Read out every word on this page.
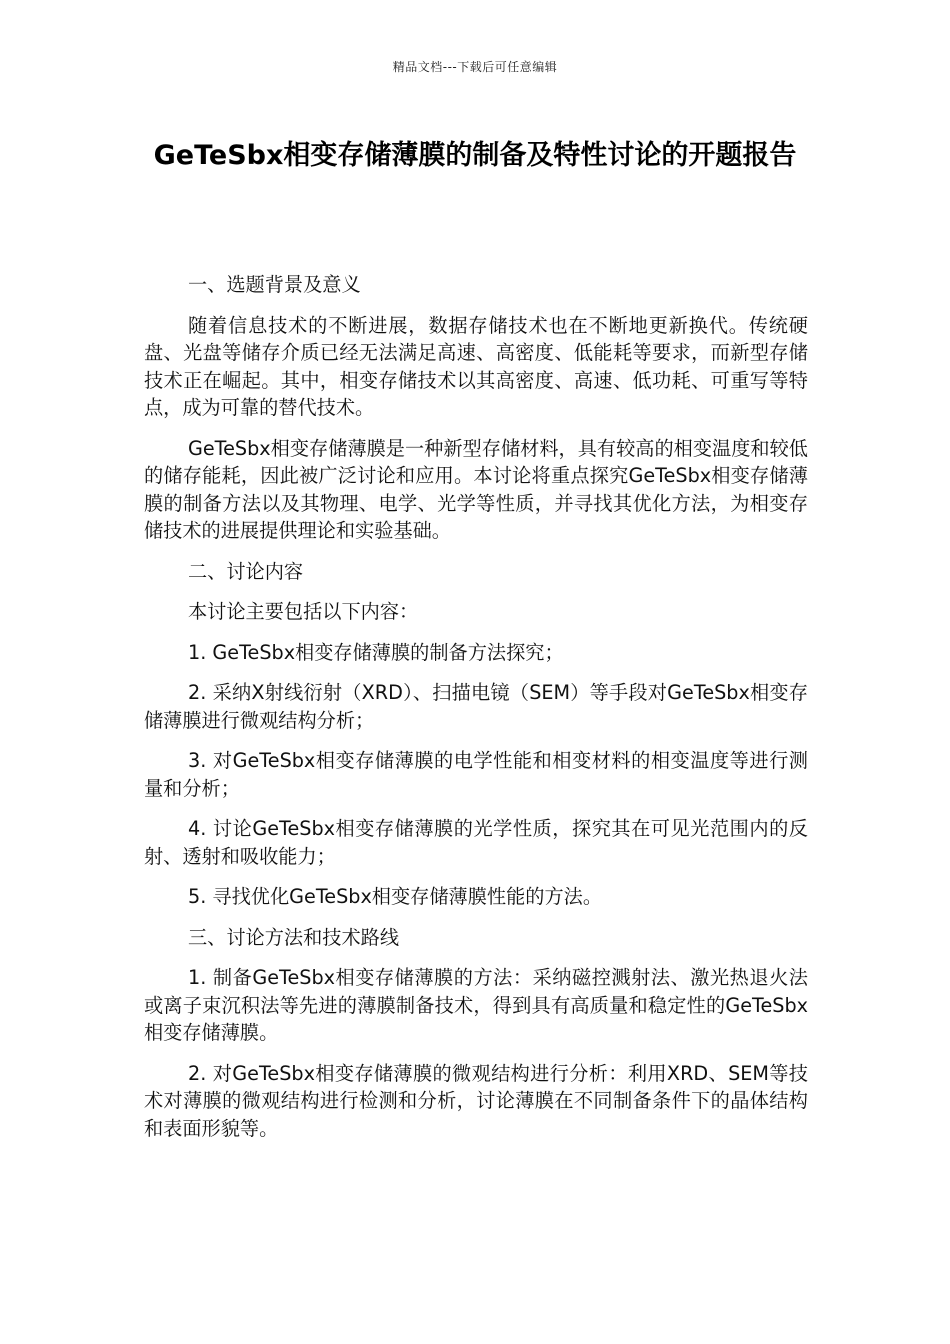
精品文档---下载后可任意编辑
GeTeSbx相变存储薄膜的制备及特性讨论的开题报告

一、选题背景及意义

随着信息技术的不断进展，数据存储技术也在不断地更新换代。传统硬盘、光盘等储存介质已经无法满足高速、高密度、低能耗等要求，而新型存储技术正在崛起。其中，相变存储技术以其高密度、高速、低功耗、可重写等特点，成为可靠的替代技术。

GeTeSbx相变存储薄膜是一种新型存储材料，具有较高的相变温度和较低的储存能耗，因此被广泛讨论和应用。本讨论将重点探究GeTeSbx相变存储薄膜的制备方法以及其物理、电学、光学等性质，并寻找其优化方法，为相变存储技术的进展提供理论和实验基础。

二、讨论内容

本讨论主要包括以下内容：

1. GeTeSbx相变存储薄膜的制备方法探究；

2. 采纳X射线衍射（XRD）、扫描电镜（SEM）等手段对GeTeSbx相变存储薄膜进行微观结构分析；

3. 对GeTeSbx相变存储薄膜的电学性能和相变材料的相变温度等进行测量和分析；

4. 讨论GeTeSbx相变存储薄膜的光学性质，探究其在可见光范围内的反射、透射和吸收能力；

5. 寻找优化GeTeSbx相变存储薄膜性能的方法。

三、讨论方法和技术路线

1. 制备GeTeSbx相变存储薄膜的方法：采纳磁控溅射法、激光热退火法或离子束沉积法等先进的薄膜制备技术，得到具有高质量和稳定性的GeTeSbx相变存储薄膜。

2. 对GeTeSbx相变存储薄膜的微观结构进行分析：利用XRD、SEM等技术对薄膜的微观结构进行检测和分析，讨论薄膜在不同制备条件下的晶体结构和表面形貌等。
